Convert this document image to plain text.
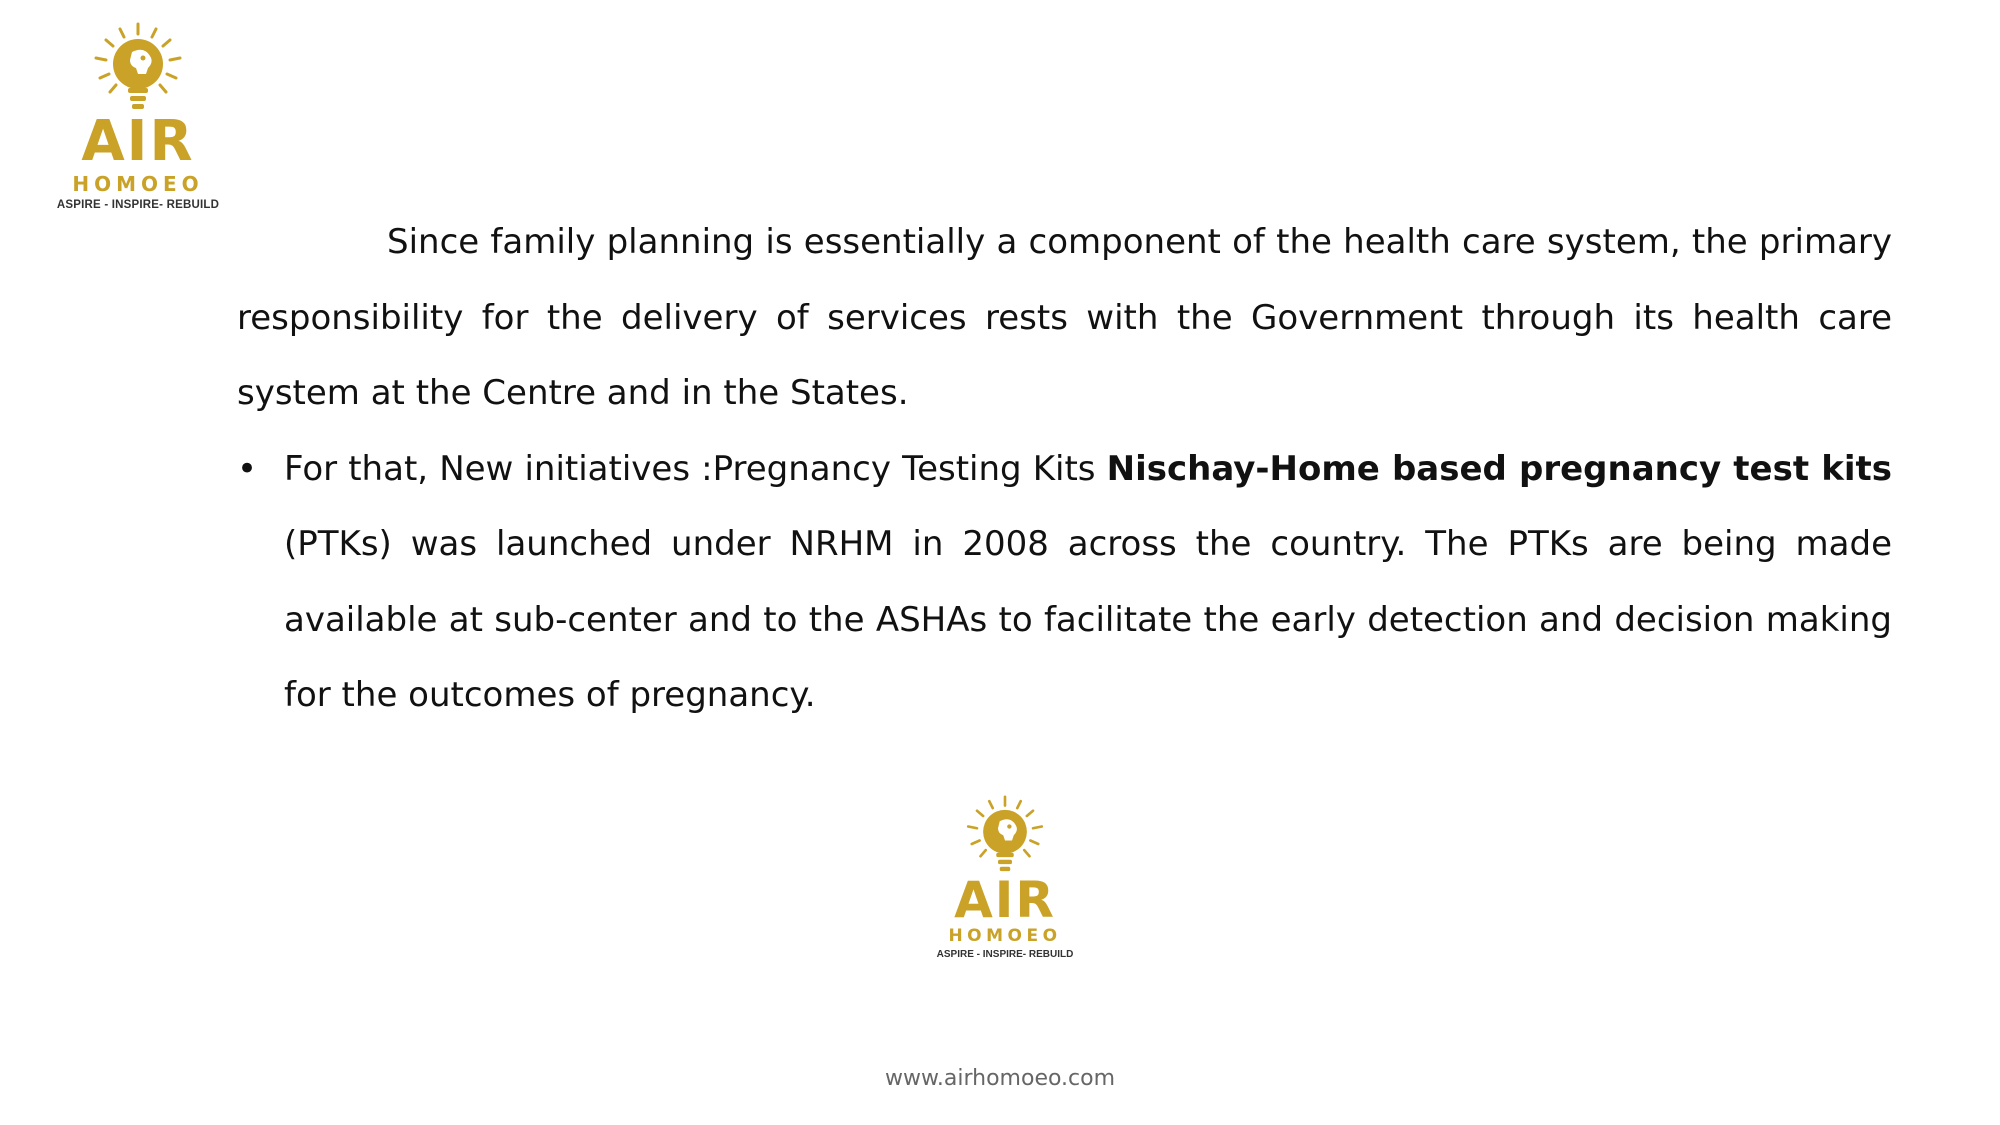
AIR
HOMOEO
ASPIRE - INSPIRE- REBUILD

Since family planning is essentially a component of the health care system, the primary responsibility for the delivery of services rests with the Government through its health care system at the Centre and in the States.

• For that, New initiatives :Pregnancy Testing Kits Nischay-Home based pregnancy test kits (PTKs) was launched under NRHM in 2008 across the country. The PTKs are being made available at sub-center and to the ASHAs to facilitate the early detection and decision making for the outcomes of pregnancy.
AIR
HOMOEO
ASPIRE - INSPIRE- REBUILD
www.airhomoeo.com
